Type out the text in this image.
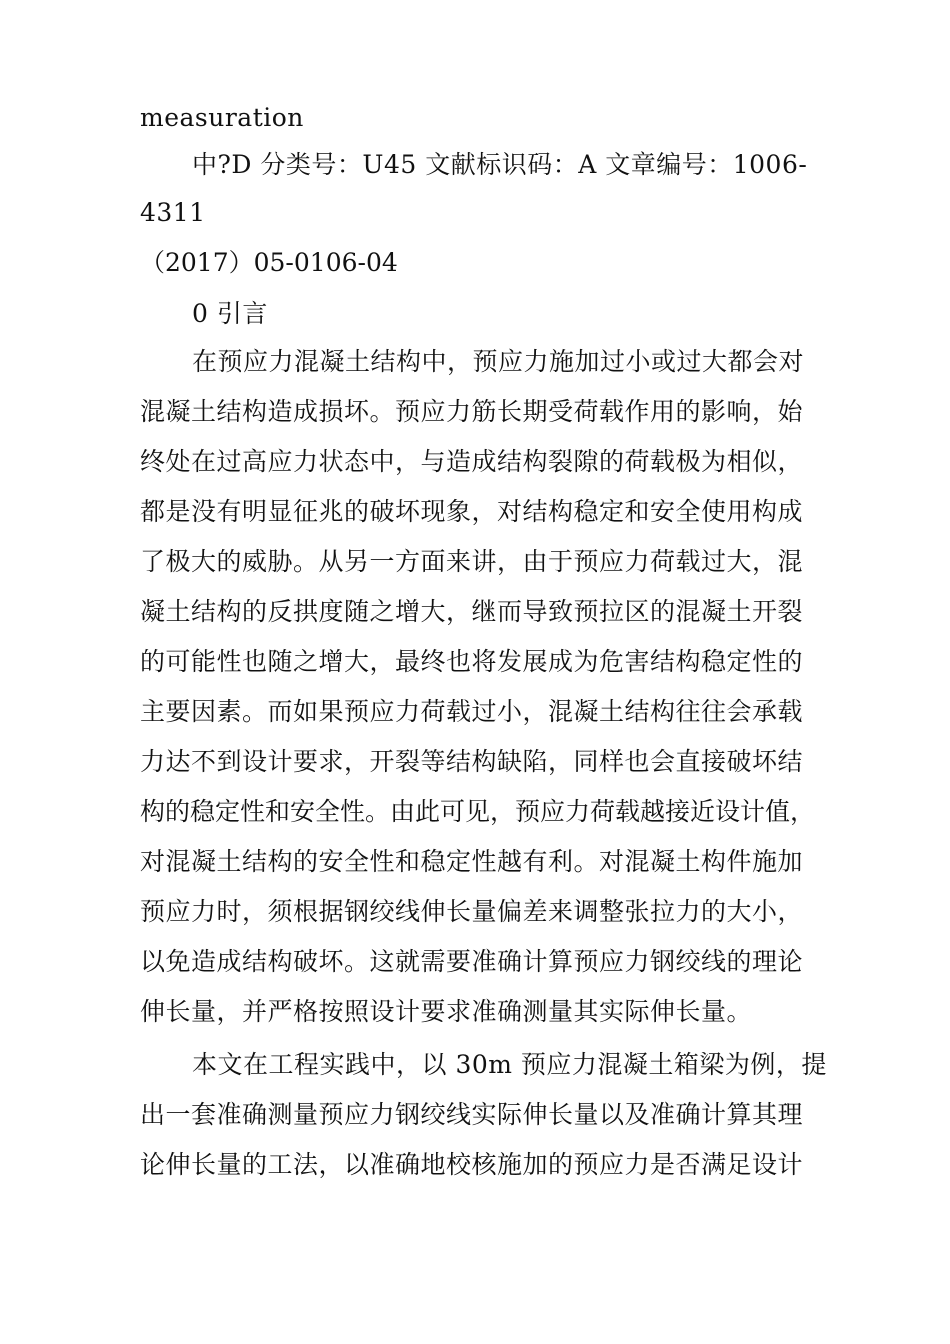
measuration
中?D 分类号：U45 文献标识码：A 文章编号：1006-
4311
（2017）05-0106-04
0 引言
在预应力混凝土结构中，预应力施加过小或过大都会对
混凝土结构造成损坏。预应力筋长期受荷载作用的影响，始
终处在过高应力状态中，与造成结构裂隙的荷载极为相似，
都是没有明显征兆的破坏现象，对结构稳定和安全使用构成
了极大的威胁。从另一方面来讲，由于预应力荷载过大，混
凝土结构的反拱度随之增大，继而导致预拉区的混凝土开裂
的可能性也随之增大，最终也将发展成为危害结构稳定性的
主要因素。而如果预应力荷载过小，混凝土结构往往会承载
力达不到设计要求，开裂等结构缺陷，同样也会直接破坏结
构的稳定性和安全性。由此可见，预应力荷载越接近设计值，
对混凝土结构的安全性和稳定性越有利。对混凝土构件施加
预应力时，须根据钢绞线伸长量偏差来调整张拉力的大小，
以免造成结构破坏。这就需要准确计算预应力钢绞线的理论
伸长量，并严格按照设计要求准确测量其实际伸长量。
本文在工程实践中，以 30m 预应力混凝土箱梁为例，提
出一套准确测量预应力钢绞线实际伸长量以及准确计算其理
论伸长量的工法，以准确地校核施加的预应力是否满足设计
